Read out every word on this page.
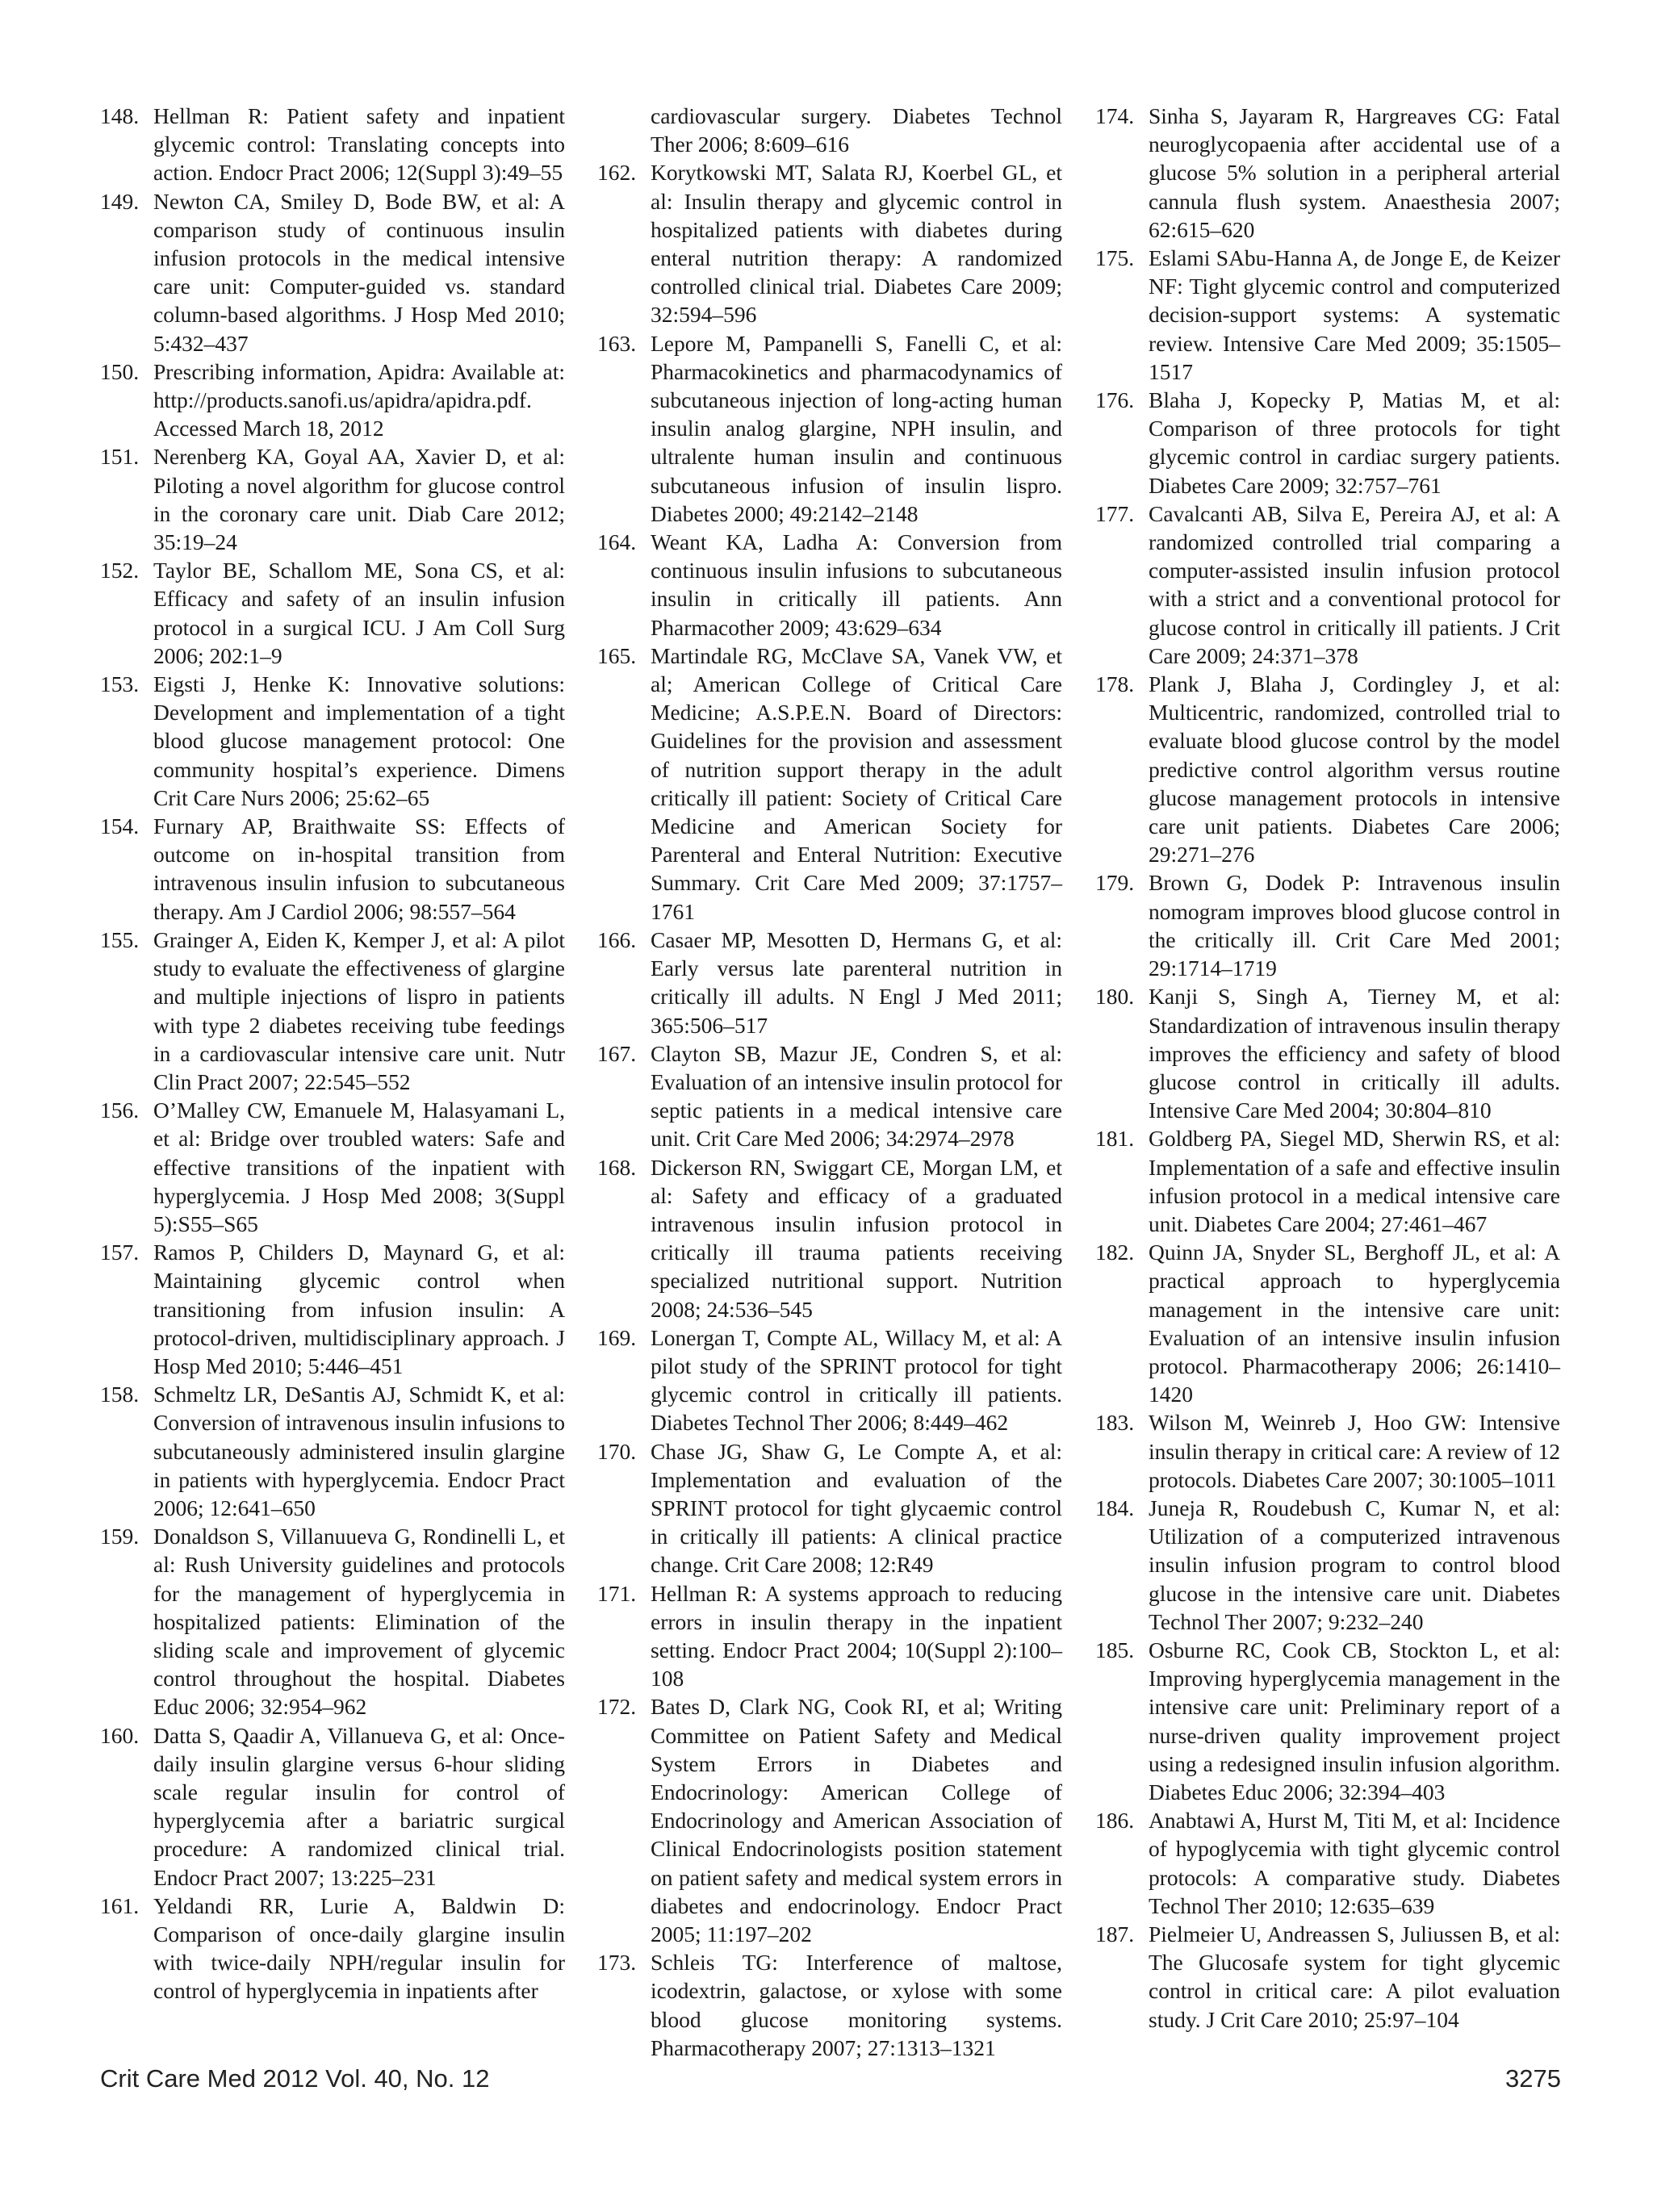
148. Hellman R: Patient safety and inpatient glycemic control: Translating concepts into action. Endocr Pract 2006; 12(Suppl 3):49–55
149. Newton CA, Smiley D, Bode BW, et al: A comparison study of continuous insulin infusion protocols in the medical intensive care unit: Computer-guided vs. standard column-based algorithms. J Hosp Med 2010; 5:432–437
150. Prescribing information, Apidra: Available at: http://products.sanofi.us/apidra/apidra.pdf. Accessed March 18, 2012
151. Nerenberg KA, Goyal AA, Xavier D, et al: Piloting a novel algorithm for glucose control in the coronary care unit. Diab Care 2012; 35:19–24
152. Taylor BE, Schallom ME, Sona CS, et al: Efficacy and safety of an insulin infusion protocol in a surgical ICU. J Am Coll Surg 2006; 202:1–9
153. Eigsti J, Henke K: Innovative solutions: Development and implementation of a tight blood glucose management protocol: One community hospital’s experience. Dimens Crit Care Nurs 2006; 25:62–65
154. Furnary AP, Braithwaite SS: Effects of outcome on in-hospital transition from intravenous insulin infusion to subcutaneous therapy. Am J Cardiol 2006; 98:557–564
155. Grainger A, Eiden K, Kemper J, et al: A pilot study to evaluate the effectiveness of glargine and multiple injections of lispro in patients with type 2 diabetes receiving tube feedings in a cardiovascular intensive care unit. Nutr Clin Pract 2007; 22:545–552
156. O’Malley CW, Emanuele M, Halasyamani L, et al: Bridge over troubled waters: Safe and effective transitions of the inpatient with hyperglycemia. J Hosp Med 2008; 3(Suppl 5):S55–S65
157. Ramos P, Childers D, Maynard G, et al: Maintaining glycemic control when transitioning from infusion insulin: A protocol-driven, multidisciplinary approach. J Hosp Med 2010; 5:446–451
158. Schmeltz LR, DeSantis AJ, Schmidt K, et al: Conversion of intravenous insulin infusions to subcutaneously administered insulin glargine in patients with hyperglycemia. Endocr Pract 2006; 12:641–650
159. Donaldson S, Villanuueva G, Rondinelli L, et al: Rush University guidelines and protocols for the management of hyperglycemia in hospitalized patients: Elimination of the sliding scale and improvement of glycemic control throughout the hospital. Diabetes Educ 2006; 32:954–962
160. Datta S, Qaadir A, Villanueva G, et al: Once-daily insulin glargine versus 6-hour sliding scale regular insulin for control of hyperglycemia after a bariatric surgical procedure: A randomized clinical trial. Endocr Pract 2007; 13:225–231
161. Yeldandi RR, Lurie A, Baldwin D: Comparison of once-daily glargine insulin with twice-daily NPH/regular insulin for control of hyperglycemia in inpatients after
cardiovascular surgery. Diabetes Technol Ther 2006; 8:609–616
162. Korytkowski MT, Salata RJ, Koerbel GL, et al: Insulin therapy and glycemic control in hospitalized patients with diabetes during enteral nutrition therapy: A randomized controlled clinical trial. Diabetes Care 2009; 32:594–596
163. Lepore M, Pampanelli S, Fanelli C, et al: Pharmacokinetics and pharmacodynamics of subcutaneous injection of long-acting human insulin analog glargine, NPH insulin, and ultralente human insulin and continuous subcutaneous infusion of insulin lispro. Diabetes 2000; 49:2142–2148
164. Weant KA, Ladha A: Conversion from continuous insulin infusions to subcutaneous insulin in critically ill patients. Ann Pharmacother 2009; 43:629–634
165. Martindale RG, McClave SA, Vanek VW, et al; American College of Critical Care Medicine; A.S.P.E.N. Board of Directors: Guidelines for the provision and assessment of nutrition support therapy in the adult critically ill patient: Society of Critical Care Medicine and American Society for Parenteral and Enteral Nutrition: Executive Summary. Crit Care Med 2009; 37:1757–1761
166. Casaer MP, Mesotten D, Hermans G, et al: Early versus late parenteral nutrition in critically ill adults. N Engl J Med 2011; 365:506–517
167. Clayton SB, Mazur JE, Condren S, et al: Evaluation of an intensive insulin protocol for septic patients in a medical intensive care unit. Crit Care Med 2006; 34:2974–2978
168. Dickerson RN, Swiggart CE, Morgan LM, et al: Safety and efficacy of a graduated intravenous insulin infusion protocol in critically ill trauma patients receiving specialized nutritional support. Nutrition 2008; 24:536–545
169. Lonergan T, Compte AL, Willacy M, et al: A pilot study of the SPRINT protocol for tight glycemic control in critically ill patients. Diabetes Technol Ther 2006; 8:449–462
170. Chase JG, Shaw G, Le Compte A, et al: Implementation and evaluation of the SPRINT protocol for tight glycaemic control in critically ill patients: A clinical practice change. Crit Care 2008; 12:R49
171. Hellman R: A systems approach to reducing errors in insulin therapy in the inpatient setting. Endocr Pract 2004; 10(Suppl 2):100–108
172. Bates D, Clark NG, Cook RI, et al; Writing Committee on Patient Safety and Medical System Errors in Diabetes and Endocrinology: American College of Endocrinology and American Association of Clinical Endocrinologists position statement on patient safety and medical system errors in diabetes and endocrinology. Endocr Pract 2005; 11:197–202
173. Schleis TG: Interference of maltose, icodextrin, galactose, or xylose with some blood glucose monitoring systems. Pharmacotherapy 2007; 27:1313–1321
174. Sinha S, Jayaram R, Hargreaves CG: Fatal neuroglycopaenia after accidental use of a glucose 5% solution in a peripheral arterial cannula flush system. Anaesthesia 2007; 62:615–620
175. Eslami SAbu-Hanna A, de Jonge E, de Keizer NF: Tight glycemic control and computerized decision-support systems: A systematic review. Intensive Care Med 2009; 35:1505–1517
176. Blaha J, Kopecky P, Matias M, et al: Comparison of three protocols for tight glycemic control in cardiac surgery patients. Diabetes Care 2009; 32:757–761
177. Cavalcanti AB, Silva E, Pereira AJ, et al: A randomized controlled trial comparing a computer-assisted insulin infusion protocol with a strict and a conventional protocol for glucose control in critically ill patients. J Crit Care 2009; 24:371–378
178. Plank J, Blaha J, Cordingley J, et al: Multicentric, randomized, controlled trial to evaluate blood glucose control by the model predictive control algorithm versus routine glucose management protocols in intensive care unit patients. Diabetes Care 2006; 29:271–276
179. Brown G, Dodek P: Intravenous insulin nomogram improves blood glucose control in the critically ill. Crit Care Med 2001; 29:1714–1719
180. Kanji S, Singh A, Tierney M, et al: Standardization of intravenous insulin therapy improves the efficiency and safety of blood glucose control in critically ill adults. Intensive Care Med 2004; 30:804–810
181. Goldberg PA, Siegel MD, Sherwin RS, et al: Implementation of a safe and effective insulin infusion protocol in a medical intensive care unit. Diabetes Care 2004; 27:461–467
182. Quinn JA, Snyder SL, Berghoff JL, et al: A practical approach to hyperglycemia management in the intensive care unit: Evaluation of an intensive insulin infusion protocol. Pharmacotherapy 2006; 26:1410–1420
183. Wilson M, Weinreb J, Hoo GW: Intensive insulin therapy in critical care: A review of 12 protocols. Diabetes Care 2007; 30:1005–1011
184. Juneja R, Roudebush C, Kumar N, et al: Utilization of a computerized intravenous insulin infusion program to control blood glucose in the intensive care unit. Diabetes Technol Ther 2007; 9:232–240
185. Osburne RC, Cook CB, Stockton L, et al: Improving hyperglycemia management in the intensive care unit: Preliminary report of a nurse-driven quality improvement project using a redesigned insulin infusion algorithm. Diabetes Educ 2006; 32:394–403
186. Anabtawi A, Hurst M, Titi M, et al: Incidence of hypoglycemia with tight glycemic control protocols: A comparative study. Diabetes Technol Ther 2010; 12:635–639
187. Pielmeier U, Andreassen S, Juliussen B, et al: The Glucosafe system for tight glycemic control in critical care: A pilot evaluation study. J Crit Care 2010; 25:97–104
Crit Care Med 2012 Vol. 40, No. 12	3275
